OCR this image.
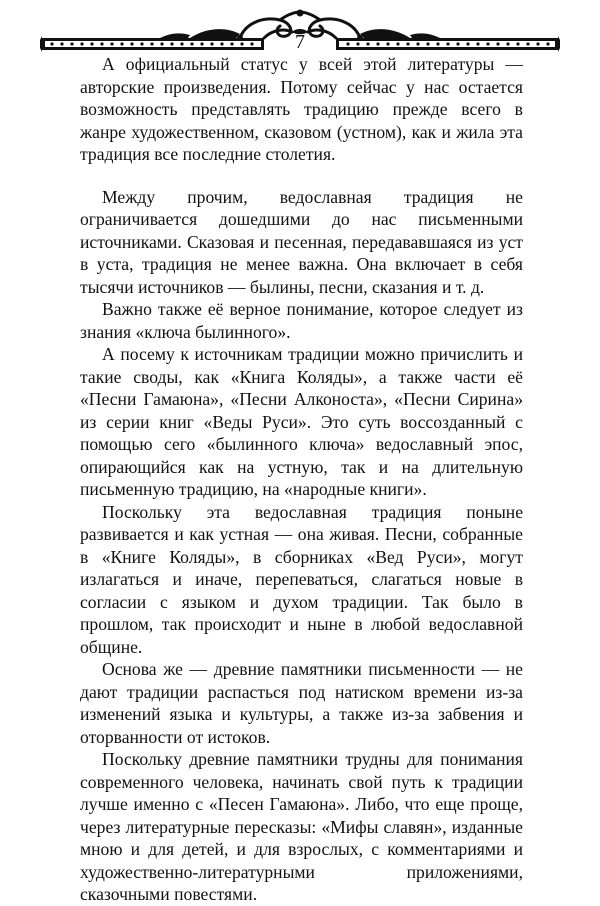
7

А официальный статус у всей этой литературы — авторские произведения. Потому сейчас у нас остается возможность представлять традицию прежде всего в жанре художественном, сказовом (устном), как и жила эта традиция все последние столетия.

Между прочим, ведославная традиция не ограничивается дошедшими до нас письменными источниками. Сказовая и песенная, передававшаяся из уст в уста, традиция не менее важна. Она включает в себя тысячи источников — былины, песни, сказания и т. д.

Важно также её верное понимание, которое следует из знания «ключа былинного».

А посему к источникам традиции можно причислить и такие своды, как «Книга Коляды», а также части её «Песни Гамаюна», «Песни Алконоста», «Песни Сирина» из серии книг «Веды Руси». Это суть воссозданный с помощью сего «былинного ключа» ведославный эпос, опирающийся как на устную, так и на длительную письменную традицию, на «народные книги».

Поскольку эта ведославная традиция поныне развивается и как устная — она живая. Песни, собранные в «Книге Коляды», в сборниках «Вед Руси», могут излагаться и иначе, перепеваться, слагаться новые в согласии с языком и духом традиции. Так было в прошлом, так происходит и ныне в любой ведославной общине.

Основа же — древние памятники письменности — не дают традиции распасться под натиском времени из-за изменений языка и культуры, а также из-за забвения и оторванности от истоков.

Поскольку древние памятники трудны для понимания современного человека, начинать свой путь к традиции лучше именно с «Песен Гамаюна». Либо, что еще проще, через литературные пересказы: «Мифы славян», изданные мною и для детей, и для взрослых, с комментариями и художественно-литературными приложениями, сказочными повестями.
